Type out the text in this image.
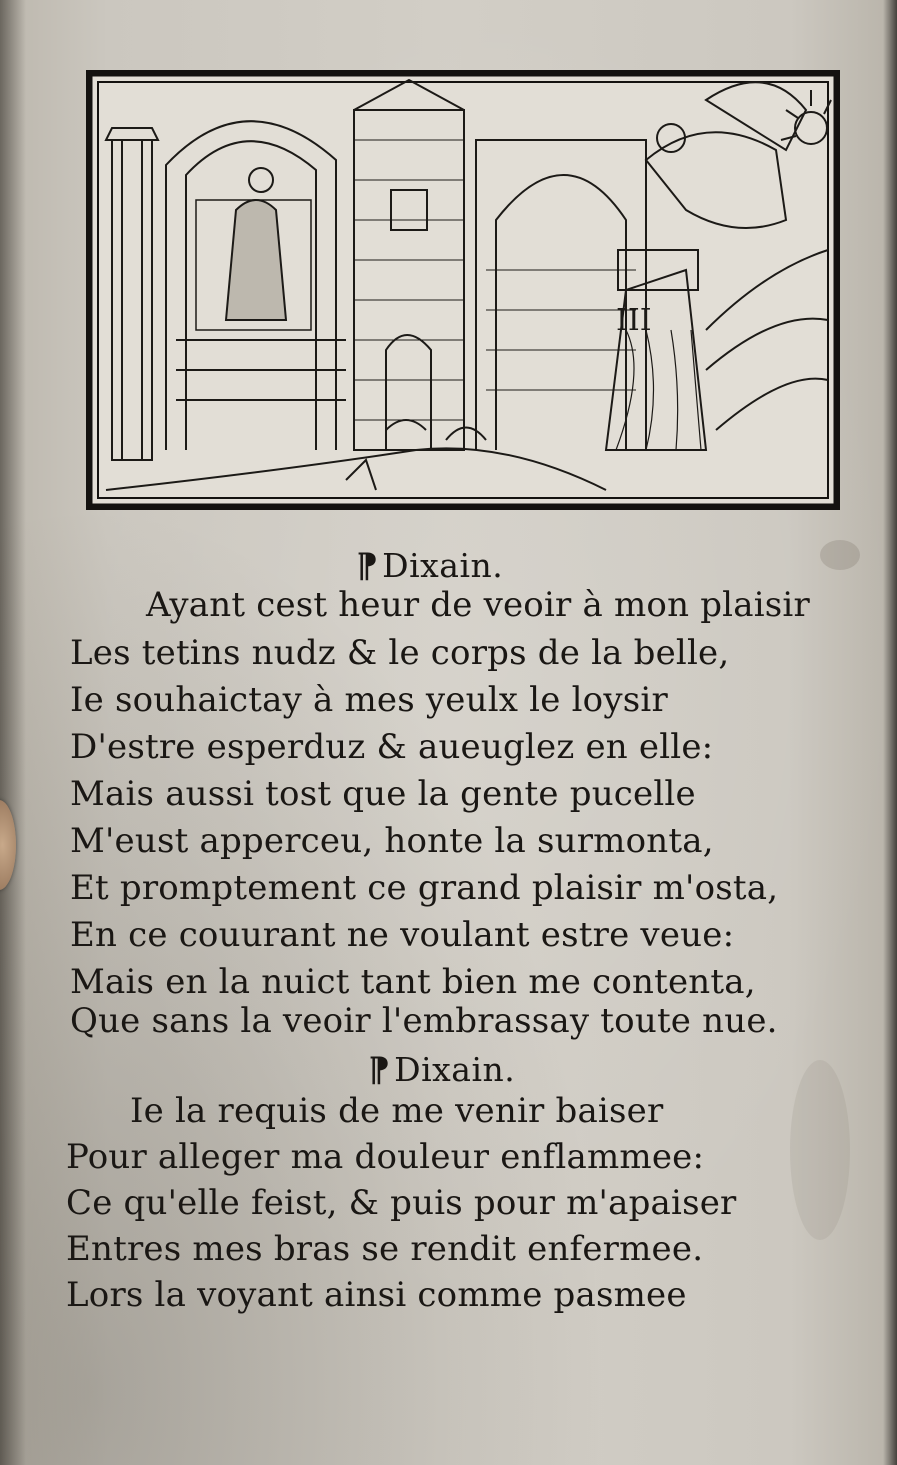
III
¶ Dixain.
Ayant cest heur de veoir à mon plaisir
Les tetins nudz & le corps de la belle,
Ie souhaictay à mes yeulx le loysir
D'estre esperduz & aueuglez en elle:
Mais aussi tost que la gente pucelle
M'eust apperceu, honte la surmonta,
Et promptement ce grand plaisir m'osta,
En ce couurant ne voulant estre veue:
Mais en la nuict tant bien me contenta,
Que sans la veoir l'embrassay toute nue.
¶ Dixain.
Ie la requis de me venir baiser
Pour alleger ma douleur enflammee:
Ce qu'elle feist, & puis pour m'apaiser
Entres mes bras se rendit enfermee.
Lors la voyant ainsi comme pasmee
